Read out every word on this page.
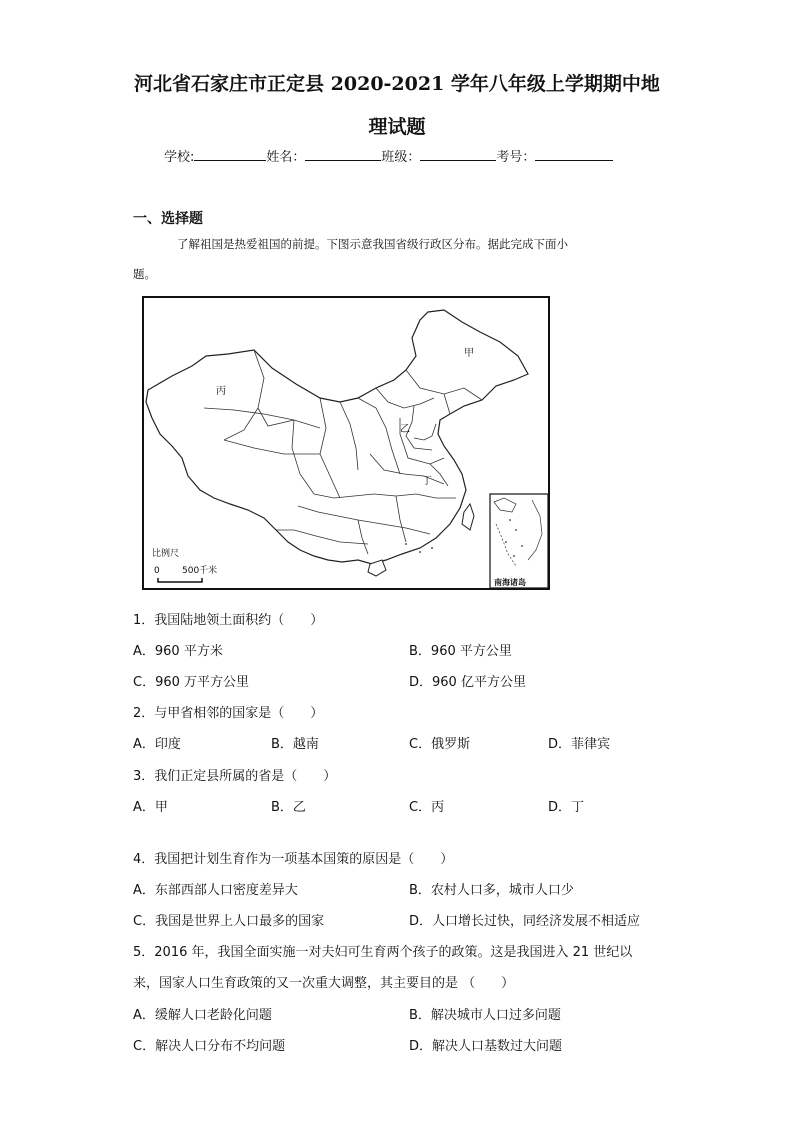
河北省石家庄市正定县 2020-2021 学年八年级上学期期中地
理试题
学校:	姓名：	班级：	考号：
一、选择题
了解祖国是热爱祖国的前提。下图示意我国省级行政区分布。据此完成下面小
题。
甲
丙
乙
丁
比例尺
0 500千米
南海诸岛
1．我国陆地领土面积约（　　）
A．960 平方米	B．960 平方公里
C．960 万平方公里	D．960 亿平方公里
2．与甲省相邻的国家是（　　）
A．印度	B．越南	C．俄罗斯	D．菲律宾
3．我们正定县所属的省是（　　）
A．甲	B．乙	C．丙	D．丁
4．我国把计划生育作为一项基本国策的原因是（　　）
A．东部西部人口密度差异大	B．农村人口多，城市人口少
C．我国是世界上人口最多的国家	D．人口增长过快，同经济发展不相适应
5．2016 年，我国全面实施一对夫妇可生育两个孩子的政策。这是我国进入 21 世纪以
来，国家人口生育政策的又一次重大调整，其主要目的是 （　　）
A．缓解人口老龄化问题	B．解决城市人口过多问题
C．解决人口分布不均问题	D．解决人口基数过大问题
